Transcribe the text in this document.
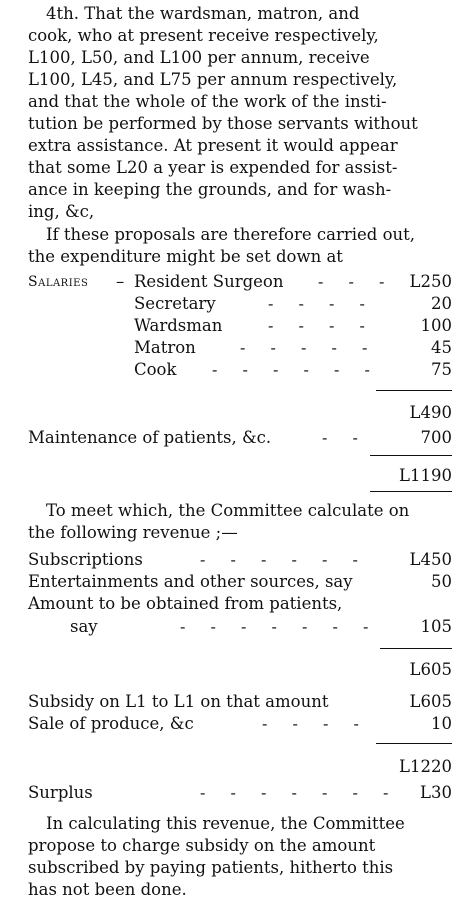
4th. That the wardsman, matron, and
cook, who at present receive respectively,
L100, L50, and L100 per annum, receive
L100, L45, and L75 per annum respectively,
and that the whole of the work of the insti-
tution be performed by those servants without
extra assistance. At present it would appear
that some L20 a year is expended for assist-
ance in keeping the grounds, and for wash-
ing, &c,
If these proposals are therefore carried out,
the expenditure might be set down at
Salaries – Resident Surgeon - - - L250
Secretary	- - - -	20
Wardsman	- - - -	100
Matron	- - - - -	45
Cook - - - - - -	75
L490
Maintenance of patients, &c.	- -	700
L1190
To meet which, the Committee calculate on
the following revenue ;—
Subscriptions	- - - - - -	L450
Entertainments and other sources, say	50
Amount to be obtained from patients,
say	- - - - - - -	105
L605
Subsidy on L1 to L1 on that amount	L605
Sale of produce, &c	- - - -	10
L1220
Surplus	- - - - - - - L30
In calculating this revenue, the Committee
propose to charge subsidy on the amount
subscribed by paying patients, hitherto this
has not been done.
